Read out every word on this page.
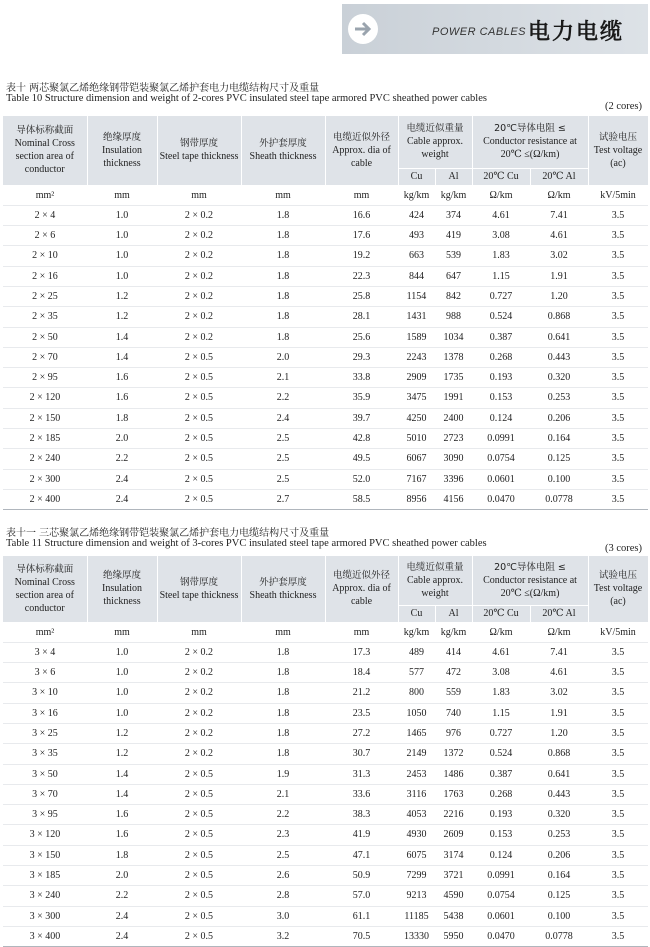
POWER CABLES 电力电缆
表十 两芯聚氯乙烯绝缘钢带铠装聚氯乙烯护套电力电缆结构尺寸及重量
Table 10 Structure dimension and weight of 2-cores PVC insulated steel tape armored PVC sheathed power cables
(2 cores)
导体标称截面
Nominal Cross section area of conductor	绝缘厚度
Insulation thickness	钢带厚度
Steel tape thickness	外护套厚度
Sheath thickness	电缆近似外径
Approx. dia of cable	电缆近似重量
Cable approx. weight		20℃导体电阻 ≤
Conductor resistance at 20℃ ≤(Ω/km)		试验电压
Test voltage (ac)

					Cu	Al	20℃ Cu	20℃ Al	
mm²	mm	mm	mm	mm	kg/km	kg/km	Ω/km	Ω/km	kV/5min
2 × 4	1.0	2 × 0.2	1.8	16.6	424	374	4.61	7.41	3.5
2 × 6	1.0	2 × 0.2	1.8	17.6	493	419	3.08	4.61	3.5
2 × 10	1.0	2 × 0.2	1.8	19.2	663	539	1.83	3.02	3.5
2 × 16	1.0	2 × 0.2	1.8	22.3	844	647	1.15	1.91	3.5
2 × 25	1.2	2 × 0.2	1.8	25.8	1154	842	0.727	1.20	3.5
2 × 35	1.2	2 × 0.2	1.8	28.1	1431	988	0.524	0.868	3.5
2 × 50	1.4	2 × 0.2	1.8	25.6	1589	1034	0.387	0.641	3.5
2 × 70	1.4	2 × 0.5	2.0	29.3	2243	1378	0.268	0.443	3.5
2 × 95	1.6	2 × 0.5	2.1	33.8	2909	1735	0.193	0.320	3.5
2 × 120	1.6	2 × 0.5	2.2	35.9	3475	1991	0.153	0.253	3.5
2 × 150	1.8	2 × 0.5	2.4	39.7	4250	2400	0.124	0.206	3.5
2 × 185	2.0	2 × 0.5	2.5	42.8	5010	2723	0.0991	0.164	3.5
2 × 240	2.2	2 × 0.5	2.5	49.5	6067	3090	0.0754	0.125	3.5
2 × 300	2.4	2 × 0.5	2.5	52.0	7167	3396	0.0601	0.100	3.5
2 × 400	2.4	2 × 0.5	2.7	58.5	8956	4156	0.0470	0.0778	3.5
表十一 三芯聚氯乙烯绝缘钢带铠装聚氯乙烯护套电力电缆结构尺寸及重量
Table 11 Structure dimension and weight of 3-cores PVC insulated steel tape armored PVC sheathed power cables	(3 cores)
导体标称截面
Nominal Cross section area of conductor	绝缘厚度
Insulation thickness	钢带厚度
Steel tape thickness	外护套厚度
Sheath thickness	电缆近似外径
Approx. dia of cable	电缆近似重量
Cable approx. weight		20℃导体电阻 ≤
Conductor resistance at 20℃ ≤(Ω/km)		试验电压
Test voltage (ac)

					Cu	Al	20℃ Cu	20℃ Al	
mm²	mm	mm	mm	mm	kg/km	kg/km	Ω/km	Ω/km	kV/5min
3 × 4	1.0	2 × 0.2	1.8	17.3	489	414	4.61	7.41	3.5
3 × 6	1.0	2 × 0.2	1.8	18.4	577	472	3.08	4.61	3.5
3 × 10	1.0	2 × 0.2	1.8	21.2	800	559	1.83	3.02	3.5
3 × 16	1.0	2 × 0.2	1.8	23.5	1050	740	1.15	1.91	3.5
3 × 25	1.2	2 × 0.2	1.8	27.2	1465	976	0.727	1.20	3.5
3 × 35	1.2	2 × 0.2	1.8	30.7	2149	1372	0.524	0.868	3.5
3 × 50	1.4	2 × 0.5	1.9	31.3	2453	1486	0.387	0.641	3.5
3 × 70	1.4	2 × 0.5	2.1	33.6	3116	1763	0.268	0.443	3.5
3 × 95	1.6	2 × 0.5	2.2	38.3	4053	2216	0.193	0.320	3.5
3 × 120	1.6	2 × 0.5	2.3	41.9	4930	2609	0.153	0.253	3.5
3 × 150	1.8	2 × 0.5	2.5	47.1	6075	3174	0.124	0.206	3.5
3 × 185	2.0	2 × 0.5	2.6	50.9	7299	3721	0.0991	0.164	3.5
3 × 240	2.2	2 × 0.5	2.8	57.0	9213	4590	0.0754	0.125	3.5
3 × 300	2.4	2 × 0.5	3.0	61.1	11185	5438	0.0601	0.100	3.5
3 × 400	2.4	2 × 0.5	3.2	70.5	13330	5950	0.0470	0.0778	3.5
